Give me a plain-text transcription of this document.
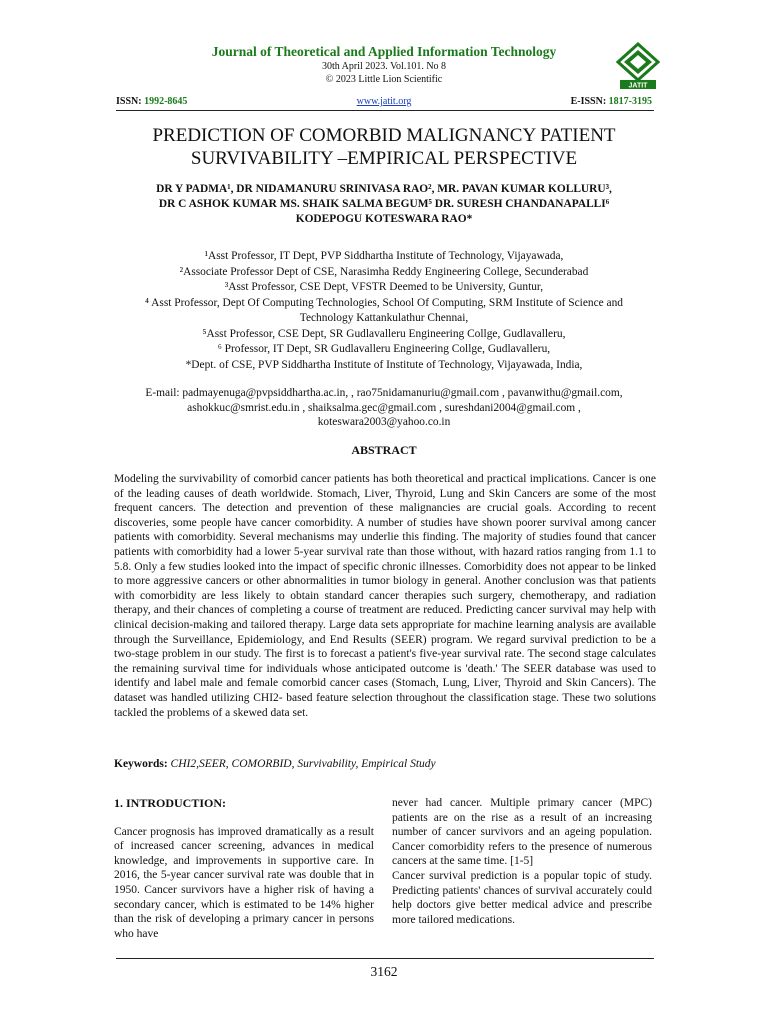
Journal of Theoretical and Applied Information Technology
30th April 2023. Vol.101. No 8
© 2023 Little Lion Scientific
JATIT
ISSN: 1992-8645	www.jatit.org	E-ISSN: 1817-3195
PREDICTION OF COMORBID MALIGNANCY PATIENT
SURVIVABILITY –EMPIRICAL PERSPECTIVE
DR Y PADMA¹, DR NIDAMANURU SRINIVASA RAO², MR. PAVAN KUMAR KOLLURU³,
DR C ASHOK KUMAR MS. SHAIK SALMA BEGUM⁵ DR. SURESH CHANDANAPALLI⁶
KODEPOGU KOTESWARA RAO*
¹Asst Professor, IT Dept, PVP Siddhartha Institute of Technology, Vijayawada,
²Associate Professor Dept of CSE, Narasimha Reddy Engineering College, Secunderabad
³Asst Professor, CSE Dept, VFSTR Deemed to be University, Guntur,
⁴ Asst Professor, Dept Of Computing Technologies, School Of Computing, SRM Institute of Science and
Technology Kattankulathur Chennai,
⁵Asst Professor, CSE Dept, SR Gudlavalleru Engineering Collge, Gudlavalleru,
⁶ Professor, IT Dept, SR Gudlavalleru Engineering Collge, Gudlavalleru,
*Dept. of CSE, PVP Siddhartha Institute of Institute of Technology, Vijayawada, India,
E-mail: padmayenuga@pvpsiddhartha.ac.in, , rao75nidamanuriu@gmail.com , pavanwithu@gmail.com,
ashokkuc@smrist.edu.in , shaiksalma.gec@gmail.com , sureshdani2004@gmail.com ,
koteswara2003@yahoo.co.in
ABSTRACT
Modeling the survivability of comorbid cancer patients has both theoretical and practical implications. Cancer is one of the leading causes of death worldwide. Stomach, Liver, Thyroid, Lung and Skin Cancers are some of the most frequent cancers. The detection and prevention of these malignancies are crucial goals. According to recent discoveries, some people have cancer comorbidity. A number of studies have shown poorer survival among cancer patients with comorbidity. Several mechanisms may underlie this finding. The majority of studies found that cancer patients with comorbidity had a lower 5-year survival rate than those without, with hazard ratios ranging from 1.1 to 5.8. Only a few studies looked into the impact of specific chronic illnesses. Comorbidity does not appear to be linked to more aggressive cancers or other abnormalities in tumor biology in general. Another conclusion was that patients with comorbidity are less likely to obtain standard cancer therapies such surgery, chemotherapy, and radiation therapy, and their chances of completing a course of treatment are reduced. Predicting cancer survival may help with clinical decision-making and tailored therapy. Large data sets appropriate for machine learning analysis are available through the Surveillance, Epidemiology, and End Results (SEER) program. We regard survival prediction to be a two-stage problem in our study. The first is to forecast a patient's five-year survival rate. The second stage calculates the remaining survival time for individuals whose anticipated outcome is 'death.' The SEER database was used to identify and label male and female comorbid cancer cases (Stomach, Lung, Liver, Thyroid and Skin Cancers). The dataset was handled utilizing CHI2- based feature selection throughout the classification stage. These two solutions tackled the problems of a skewed data set.
Keywords: CHI2,SEER, COMORBID, Survivability, Empirical Study
1. INTRODUCTION:

Cancer prognosis has improved dramatically as a result of increased cancer screening, advances in medical knowledge, and improvements in supportive care. In 2016, the 5-year cancer survival rate was double that in 1950. Cancer survivors have a higher risk of having a secondary cancer, which is estimated to be 14% higher than the risk of developing a primary cancer in persons who have

never had cancer. Multiple primary cancer (MPC) patients are on the rise as a result of an increasing number of cancer survivors and an ageing population. Cancer comorbidity refers to the presence of numerous cancers at the same time. [1-5]

Cancer survival prediction is a popular topic of study. Predicting patients' chances of survival accurately could help doctors give better medical advice and prescribe more tailored medications.

3162
